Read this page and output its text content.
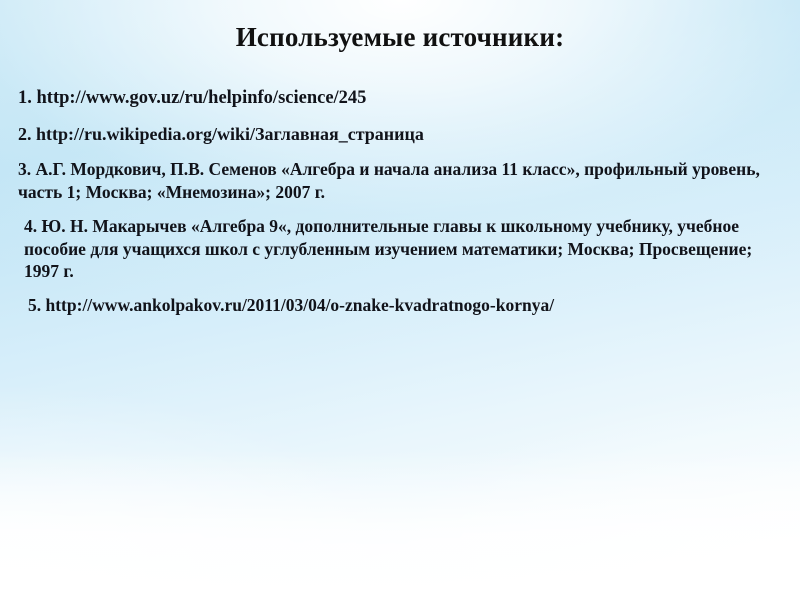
Используемые источники:
1. http://www.gov.uz/ru/helpinfo/science/245
2. http://ru.wikipedia.org/wiki/Заглавная_страница
3. А.Г. Мордкович, П.В. Семенов «Алгебра и начала анализа 11 класс», профильный уровень, часть 1; Москва; «Мнемозина»; 2007 г.
4. Ю. Н. Макарычев «Алгебра 9«, дополнительные главы к школьному учебнику, учебное пособие для учащихся школ с углубленным изучением математики; Москва; Просвещение; 1997 г.
5. http://www.ankolpakov.ru/2011/03/04/o-znake-kvadratnogo-kornya/
